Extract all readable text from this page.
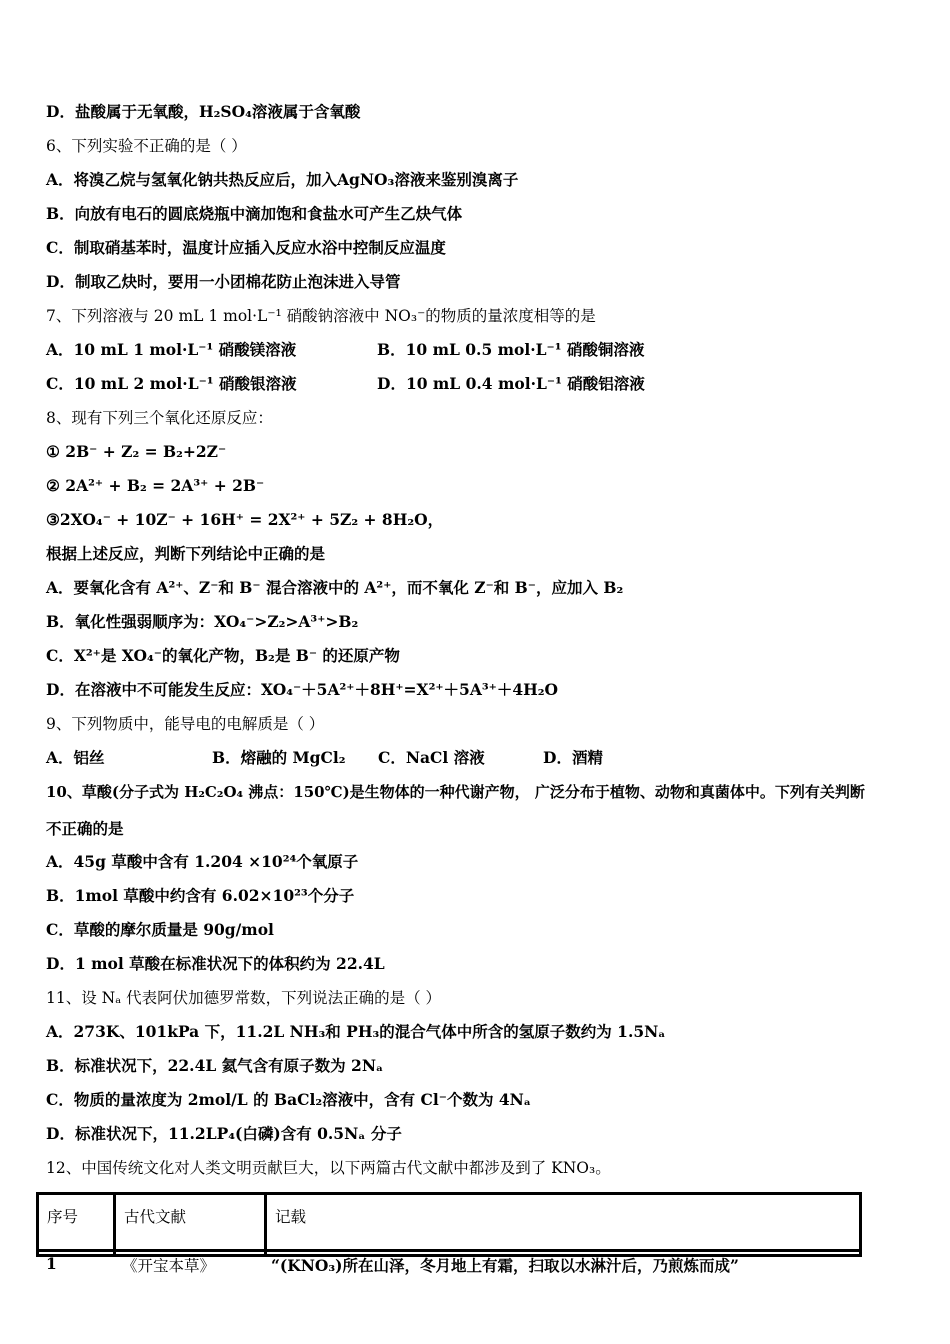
D．盐酸属于无氧酸，H₂SO₄溶液属于含氧酸
6、下列实验不正确的是（ ）
A．将溴乙烷与氢氧化钠共热反应后，加入AgNO₃溶液来鉴别溴离子
B．向放有电石的圆底烧瓶中滴加饱和食盐水可产生乙炔气体
C．制取硝基苯时，温度计应插入反应水浴中控制反应温度
D．制取乙炔时，要用一小团棉花防止泡沫进入导管
7、下列溶液与 20 mL 1 mol·L⁻¹ 硝酸钠溶液中 NO₃⁻的物质的量浓度相等的是
A．10 mL 1 mol·L⁻¹ 硝酸镁溶液	B．10 mL 0.5 mol·L⁻¹ 硝酸铜溶液
C．10 mL 2 mol·L⁻¹ 硝酸银溶液	D．10 mL 0.4 mol·L⁻¹ 硝酸铝溶液
8、现有下列三个氧化还原反应：
① 2B⁻ + Z₂ = B₂+2Z⁻
② 2A²⁺ + B₂ = 2A³⁺ + 2B⁻
③2XO₄⁻ + 10Z⁻ + 16H⁺ = 2X²⁺ + 5Z₂ + 8H₂O，
根据上述反应，判断下列结论中正确的是
A．要氧化含有 A²⁺、Z⁻和 B⁻ 混合溶液中的 A²⁺，而不氧化 Z⁻和 B⁻，应加入 B₂
B．氧化性强弱顺序为：XO₄⁻>Z₂>A³⁺>B₂
C．X²⁺是 XO₄⁻的氧化产物，B₂是 B⁻ 的还原产物
D．在溶液中不可能发生反应：XO₄⁻＋5A²⁺＋8H⁺=X²⁺＋5A³⁺＋4H₂O
9、下列物质中，能导电的电解质是（ ）
A．铝丝	B．熔融的 MgCl₂ C．NaCl 溶液	D．酒精
10、草酸(分子式为 H₂C₂O₄ 沸点：150℃)是生物体的一种代谢产物， 广泛分布于植物、动物和真菌体中。下列有关判断
不正确的是
A．45g 草酸中含有 1.204 ×10²⁴个氧原子
B．1mol 草酸中约含有 6.02×10²³个分子
C．草酸的摩尔质量是 90g/mol
D．1 mol 草酸在标准状况下的体积约为 22.4L
11、设 Nₐ 代表阿伏加德罗常数，下列说法正确的是（ ）
A．273K、101kPa 下，11.2L NH₃和 PH₃的混合气体中所含的氢原子数约为 1.5Nₐ
B．标准状况下，22.4L 氦气含有原子数为 2Nₐ
C．物质的量浓度为 2mol/L 的 BaCl₂溶液中，含有 Cl⁻个数为 4Nₐ
D．标准状况下，11.2LP₄(白磷)含有 0.5Nₐ 分子
12、中国传统文化对人类文明贡献巨大，以下两篇古代文献中都涉及到了 KNO₃。
序号	古代文献	记载

1	《开宝本草》	“(KNO₃)所在山泽，冬月地上有霜，扫取以水淋汁后，乃煎炼而成”
